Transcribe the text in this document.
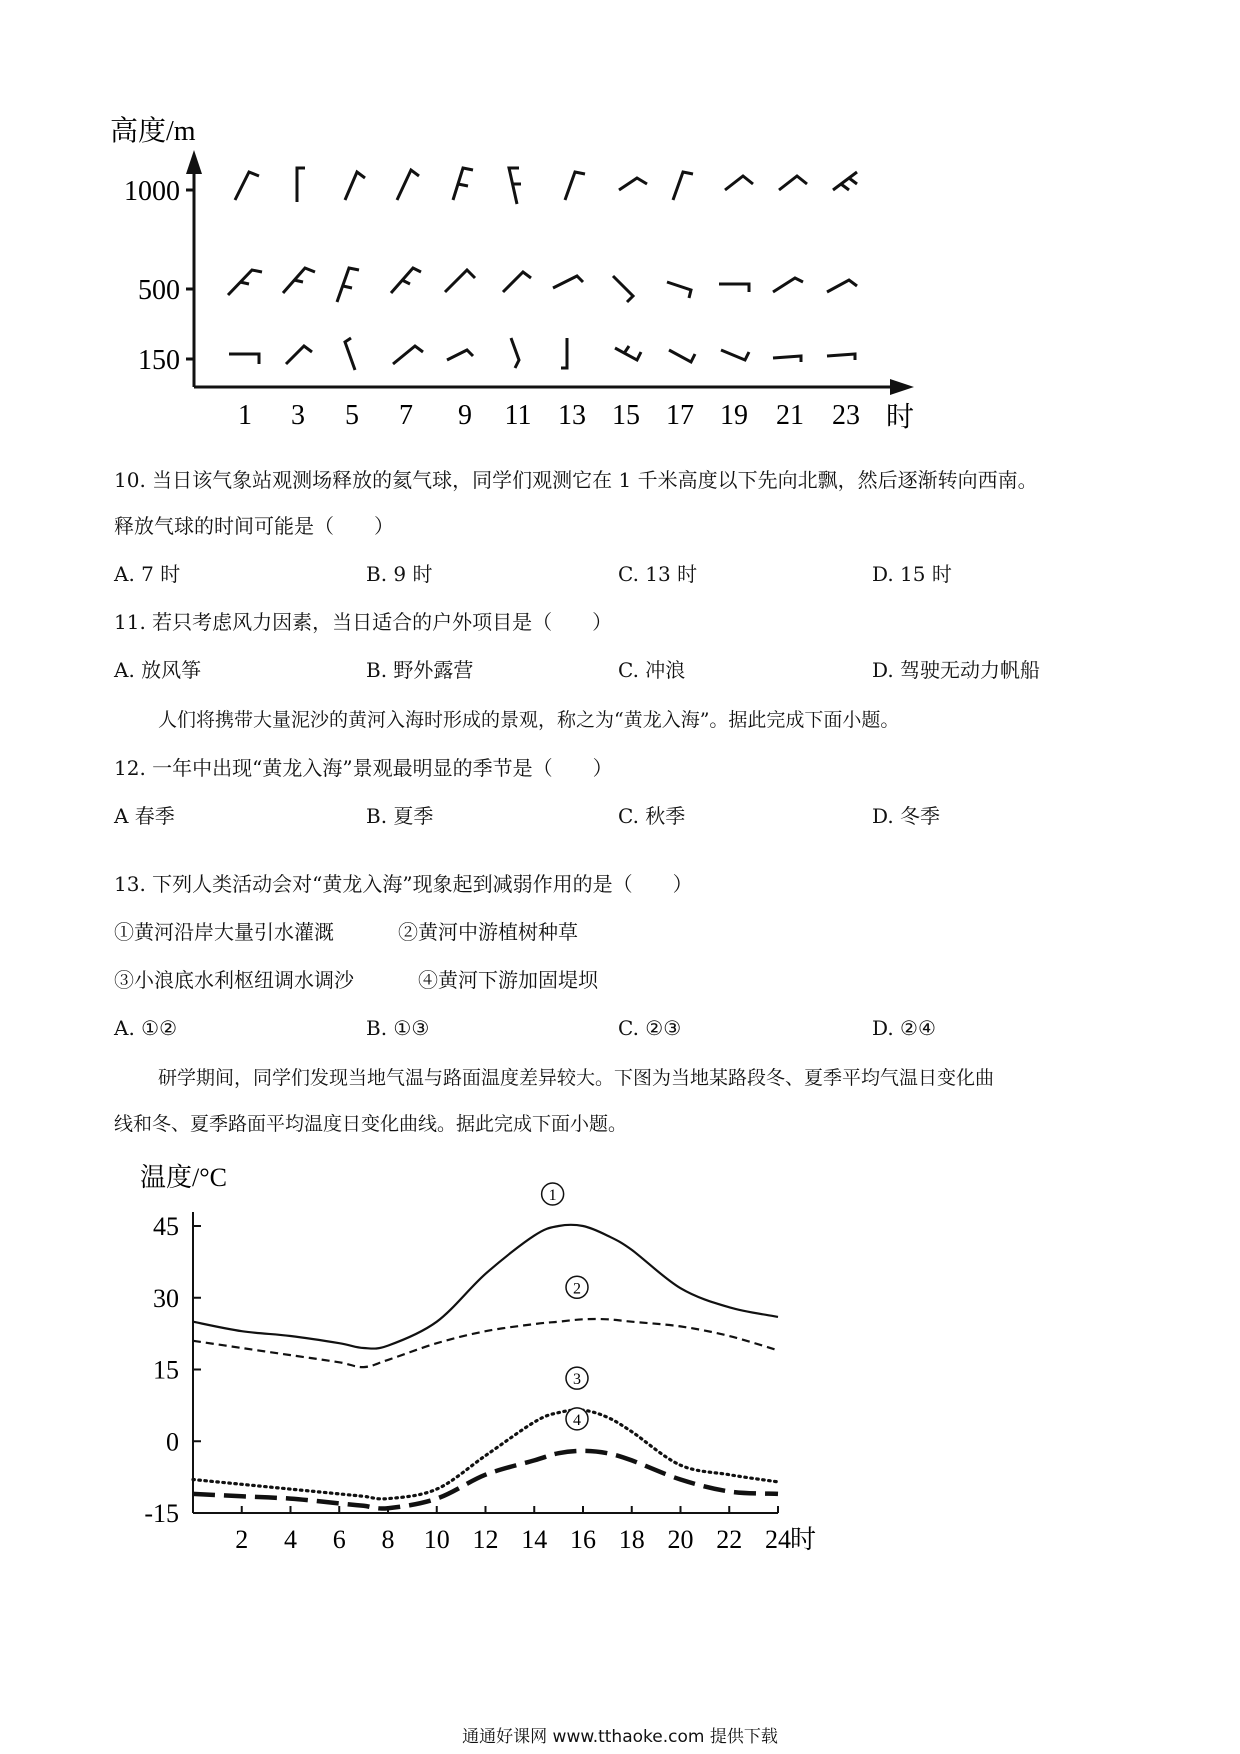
高度/m
时
1000
500
150
1 3 5 7 9 11 13 15 17 19 21 23
10. 当日该气象站观测场释放的氦气球，同学们观测它在 1 千米高度以下先向北飘，然后逐渐转向西南。
释放气球的时间可能是（　　）
A. 7 时	B. 9 时	C. 13 时	D. 15 时
11. 若只考虑风力因素，当日适合的户外项目是（　　）
A. 放风筝	B. 野外露营	C. 冲浪	D. 驾驶无动力帆船
人们将携带大量泥沙的黄河入海时形成的景观，称之为“黄龙入海”。据此完成下面小题。
12. 一年中出现“黄龙入海”景观最明显的季节是（　　）
A 春季	B. 夏季	C. 秋季	D. 冬季
13. 下列人类活动会对“黄龙入海”现象起到减弱作用的是（　　）
①黄河沿岸大量引水灌溉	②黄河中游植树种草
③小浪底水利枢纽调水调沙	④黄河下游加固堤坝
A. ①②	B. ①③	C. ②③	D. ②④
研学期间，同学们发现当地气温与路面温度差异较大。下图为当地某路段冬、夏季平均气温日变化曲
线和冬、夏季路面平均温度日变化曲线。据此完成下面小题。
温度/°C
时
45
30
15
0
-15
2 4 6 8 10 12 14 16 18 20 22 24
1
2
3
4
通通好课网 www.tthaoke.com 提供下载
